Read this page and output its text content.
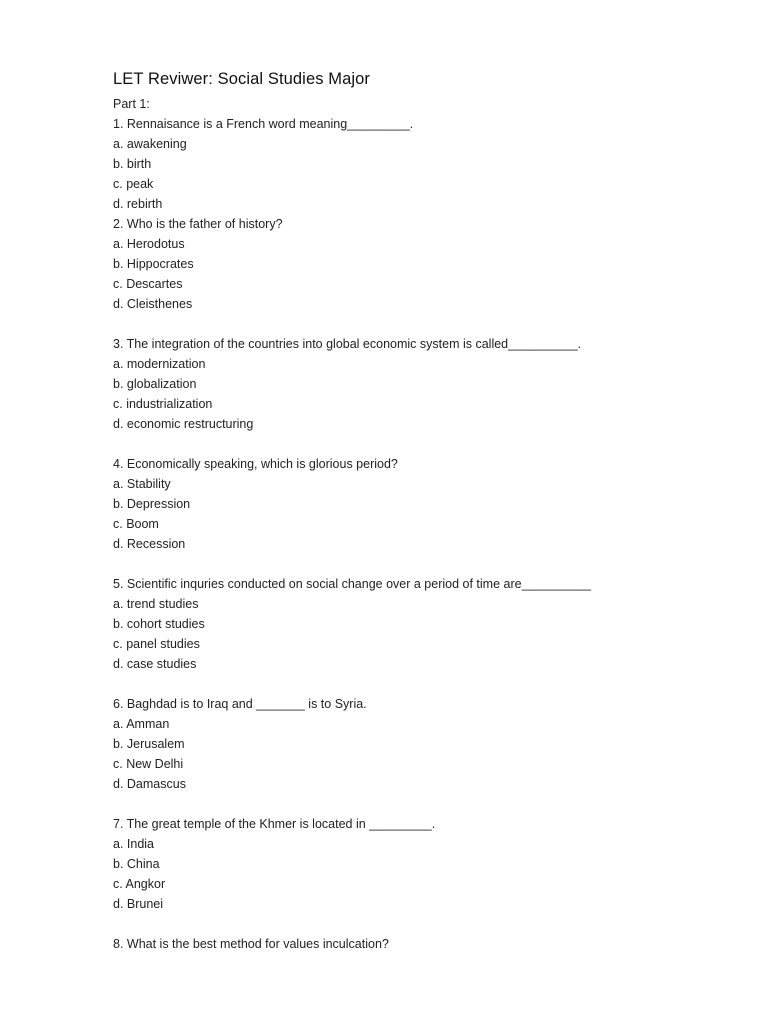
LET Reviwer: Social Studies Major
Part 1:
1. Rennaisance is a French word meaning_________.
a. awakening
b. birth
c. peak
d. rebirth
2. Who is the father of history?
a. Herodotus
b. Hippocrates
c. Descartes
d. Cleisthenes
3. The integration of the countries into global economic system is called__________.
a. modernization
b. globalization
c. industrialization
d. economic restructuring
4. Economically speaking, which is glorious period?
a. Stability
b. Depression
c. Boom
d. Recession
5. Scientific inquries conducted on social change over a period of time are__________
a. trend studies
b. cohort studies
c. panel studies
d. case studies
6. Baghdad is to Iraq and _______ is to Syria.
a. Amman
b. Jerusalem
c. New Delhi
d. Damascus
7. The great temple of the Khmer is located in _________.
a. India
b. China
c. Angkor
d. Brunei
8. What is the best method for values inculcation?
